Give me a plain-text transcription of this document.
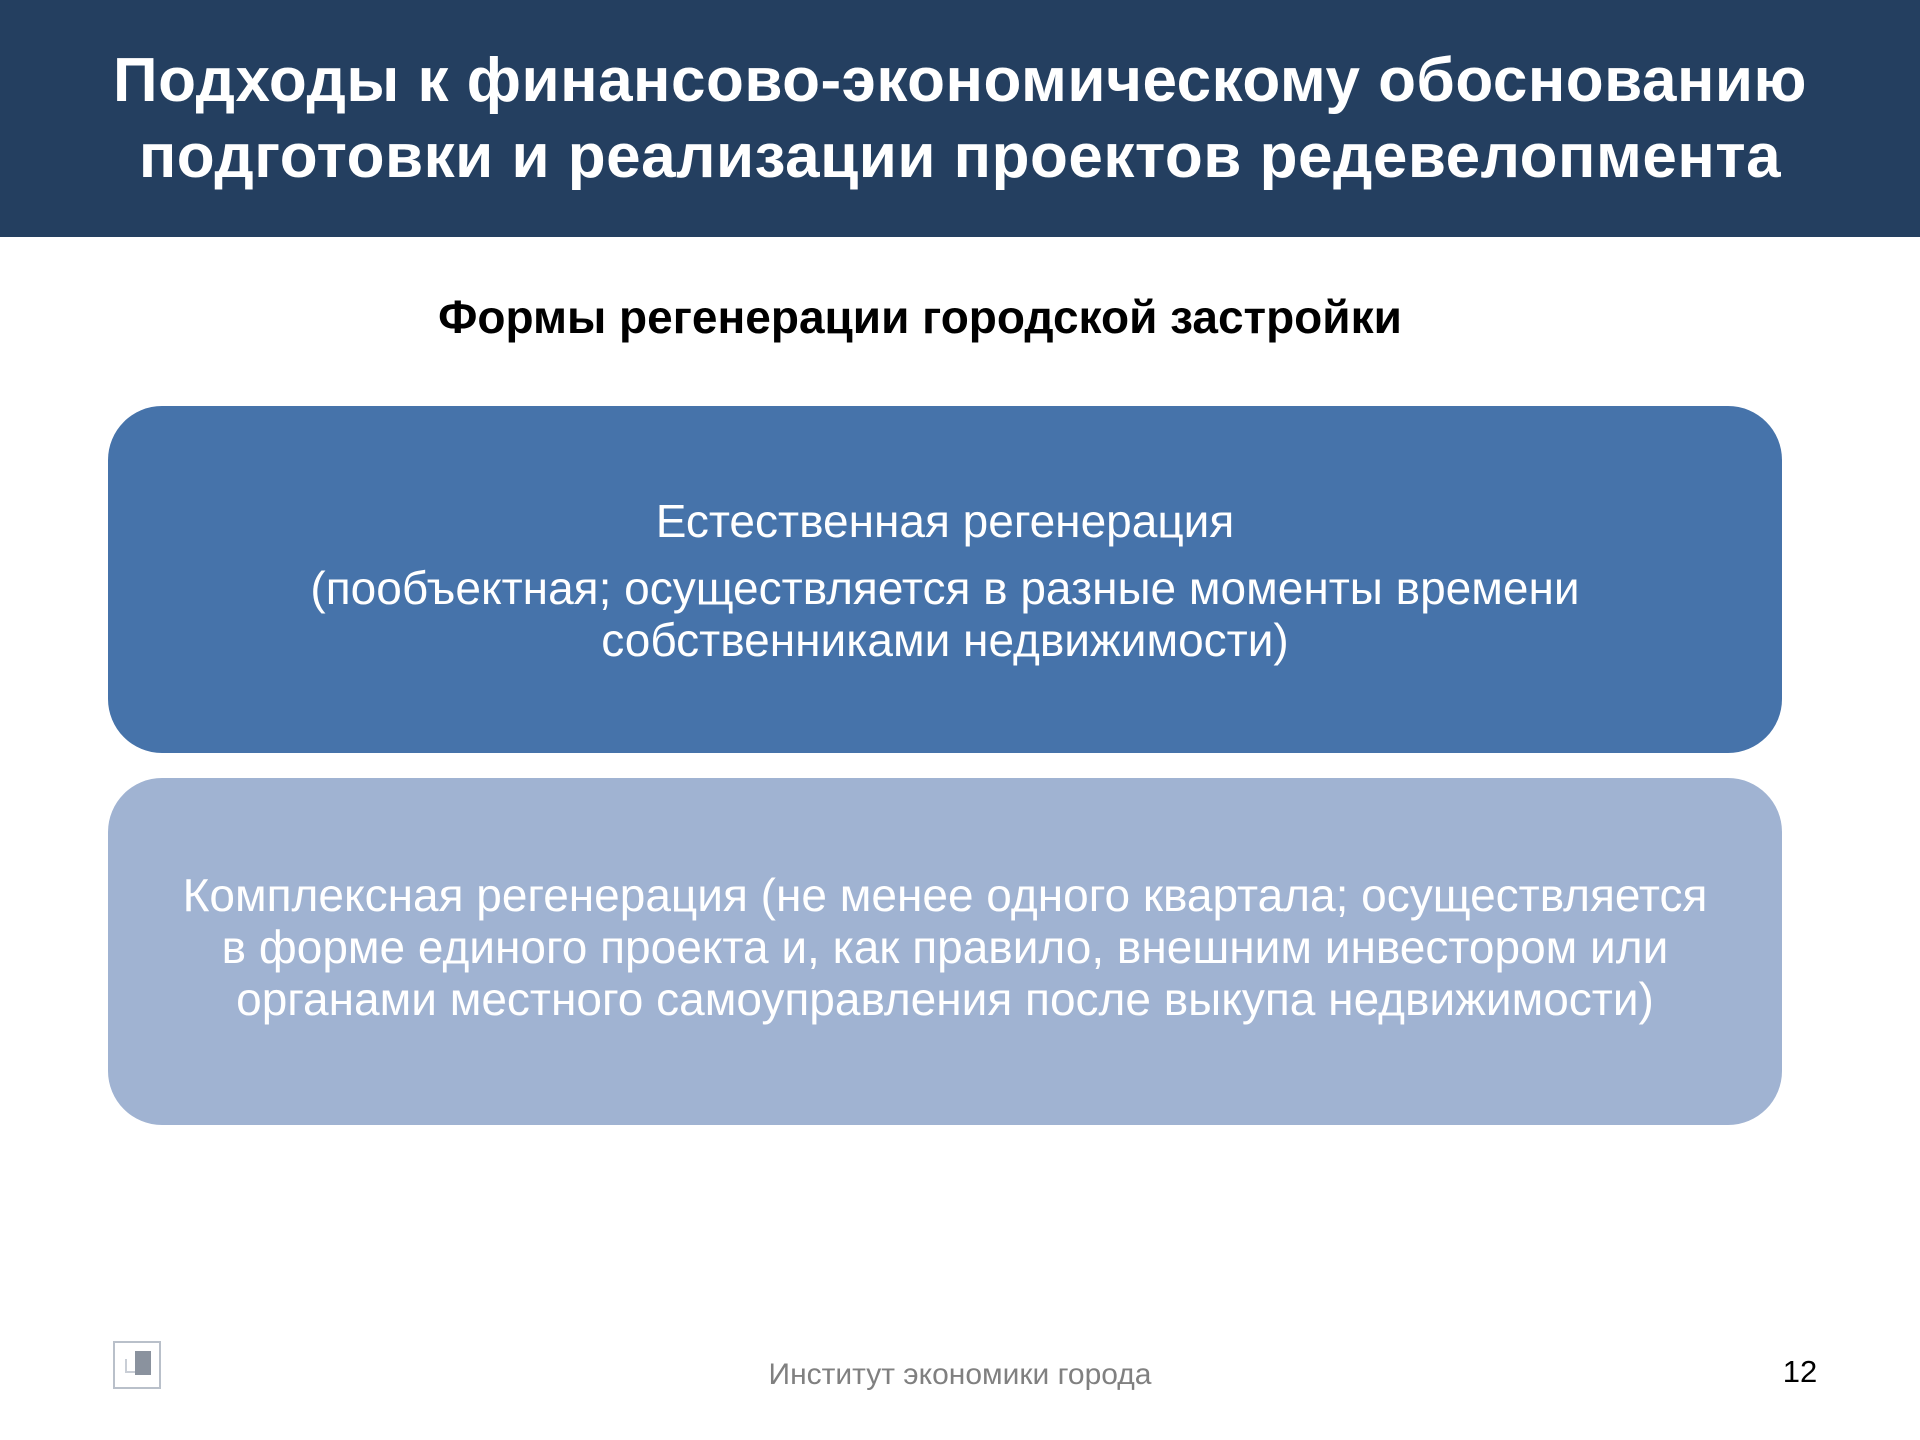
Подходы к финансово-экономическому обоснованию
подготовки и реализации проектов редевелопмента
Формы регенерации городской застройки
Естественная регенерация
(пообъектная; осуществляется в разные моменты времени
собственниками недвижимости)
Комплексная регенерация (не менее одного квартала; осуществляется
в форме единого проекта и, как правило, внешним инвестором или
органами местного самоуправления после выкупа недвижимости)
Институт экономики города	12
